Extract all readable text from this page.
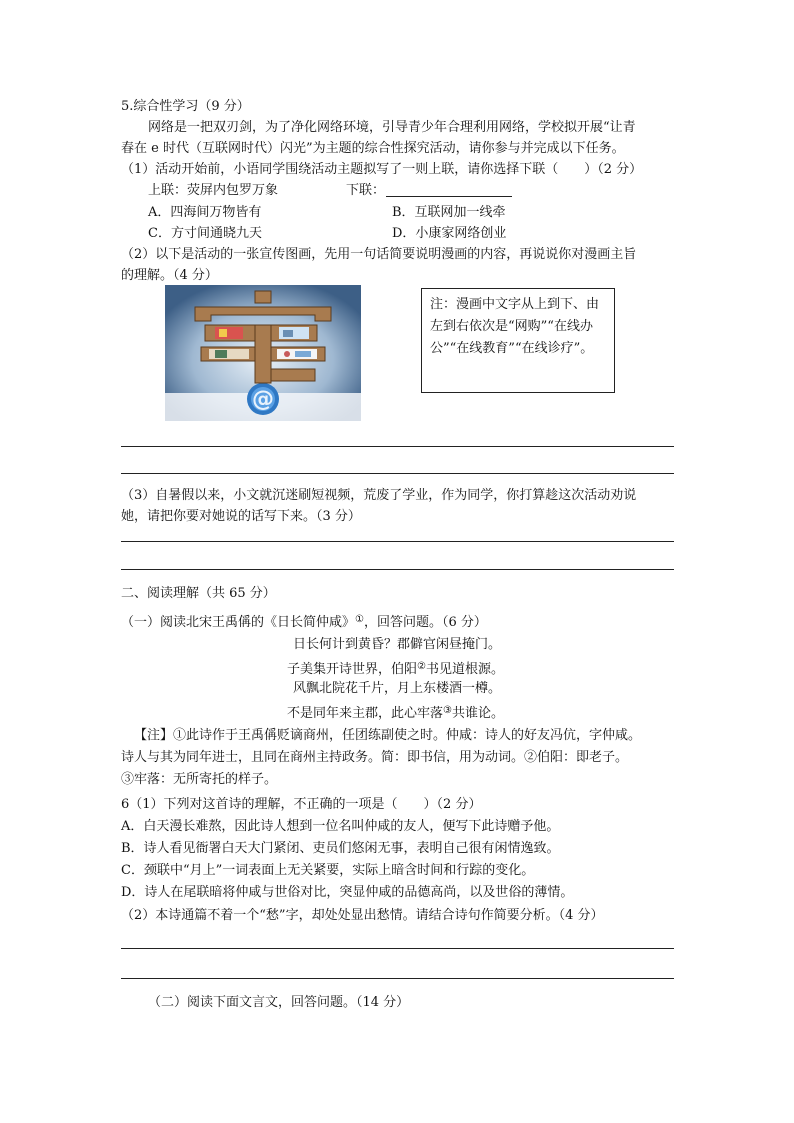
5.综合性学习（9 分）
网络是一把双刃剑，为了净化网络环境，引导青少年合理利用网络，学校拟开展“让青
春在 e 时代（互联网时代）闪光”为主题的综合性探究活动，请你参与并完成以下任务。
（1）活动开始前，小语同学围绕活动主题拟写了一则上联，请你选择下联（　　）（2 分）
上联：荧屏内包罗万象	下联：
A．四海间万物皆有	B．互联网加一线牵
C．方寸间通晓九天	D．小康家网络创业
（2）以下是活动的一张宣传图画，先用一句话简要说明漫画的内容，再说说你对漫画主旨
的理解。（4 分）
@
注：漫画中文字从上到下、由左到右依次是“网购”“在线办公”“在线教育”“在线诊疗”。
（3）自暑假以来，小文就沉迷刷短视频，荒废了学业，作为同学，你打算趁这次活动劝说
她，请把你要对她说的话写下来。（3 分）
二、阅读理解（共 65 分）
（一）阅读北宋王禹偁的《日长简仲咸》①，回答问题。（6 分）
日长何计到黄昏？郡僻官闲昼掩门。
子美集开诗世界，伯阳②书见道根源。
风飘北院花千片，月上东楼酒一樽。
不是同年来主郡，此心牢落③共谁论。
【注】①此诗作于王禹偁贬谪商州，任团练副使之时。仲咸：诗人的好友冯伉，字仲咸。
诗人与其为同年进士，且同在商州主持政务。简：即书信，用为动词。②伯阳：即老子。
③牢落：无所寄托的样子。
6（1）下列对这首诗的理解，不正确的一项是（　　）（2 分）
A．白天漫长难熬，因此诗人想到一位名叫仲咸的友人，便写下此诗赠予他。
B．诗人看见衙署白天大门紧闭、吏员们悠闲无事，表明自己很有闲情逸致。
C．颈联中“月上”一词表面上无关紧要，实际上暗含时间和行踪的变化。
D．诗人在尾联暗将仲咸与世俗对比，突显仲咸的品德高尚，以及世俗的薄情。
（2）本诗通篇不着一个“愁”字，却处处显出愁情。请结合诗句作简要分析。（4 分）
（二）阅读下面文言文，回答问题。（14 分）
